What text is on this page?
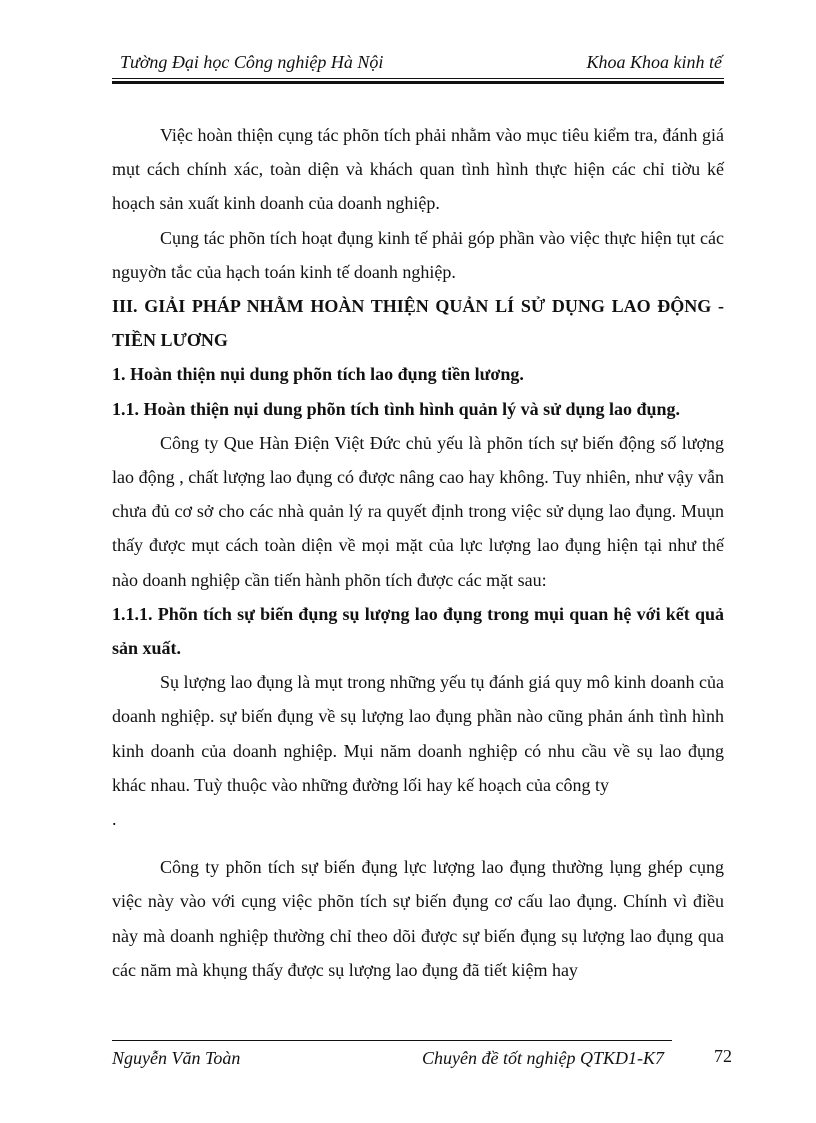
Tường Đại học Công nghiệp Hà Nội	Khoa Khoa kinh tế

Việc hoàn thiện cụng tác phõn tích phải nhằm vào mục tiêu kiểm tra, đánh giá mụt cách chính xác, toàn diện và khách quan tình hình thực hiện các chỉ tiờu kế hoạch sản xuất kinh doanh của doanh nghiệp.

Cụng tác phõn tích hoạt đụng kinh tế phải góp phần vào việc thực hiện tụt các nguyờn tắc của hạch toán kinh tế doanh nghiệp.

III. GIẢI PHÁP NHẰM HOÀN THIỆN QUẢN LÍ SỬ DỤNG LAO ĐỘNG - TIỀN LƯƠNG
1. Hoàn thiện nụi dung phõn tích lao đụng tiền lương.
1.1. Hoàn thiện nụi dung phõn tích tình hình quản lý và sử dụng lao đụng.

Công ty Que Hàn Điện Việt Đức chủ yếu là phõn tích sự biến động số lượng lao động , chất lượng lao đụng có được nâng cao hay không. Tuy nhiên, như vậy vẫn chưa đủ cơ sở cho các nhà quản lý ra quyết định trong việc sử dụng lao đụng. Muụn thấy được mụt cách toàn diện về mọi mặt của lực lượng lao đụng hiện tại như thế nào doanh nghiệp cần tiến hành phõn tích được các mặt sau:

1.1.1. Phõn tích sự biến đụng sụ lượng lao đụng trong mụi quan hệ với kết quả sản xuất.

Sụ lượng lao đụng là mụt trong những yếu tụ đánh giá quy mô kinh doanh của doanh nghiệp. sự biến đụng về sụ lượng lao đụng phần nào cũng phản ánh tình hình kinh doanh của doanh nghiệp. Mụi năm doanh nghiệp có nhu cầu về sụ lao đụng khác nhau. Tuỳ thuộc vào những đường lối hay kế hoạch của công ty

.

Công ty phõn tích sự biến đụng lực lượng lao đụng thường lụng ghép cụng việc này vào với cụng việc phõn tích sự biến đụng cơ cấu lao đụng. Chính vì điều này mà doanh nghiệp thường chỉ theo dõi được sự biến đụng sụ lượng lao đụng qua các năm mà khụng thấy được sụ lượng lao đụng đã tiết kiệm hay

Nguyễn Văn Toàn	Chuyên đề tốt nghiệp QTKD1-K7	72
